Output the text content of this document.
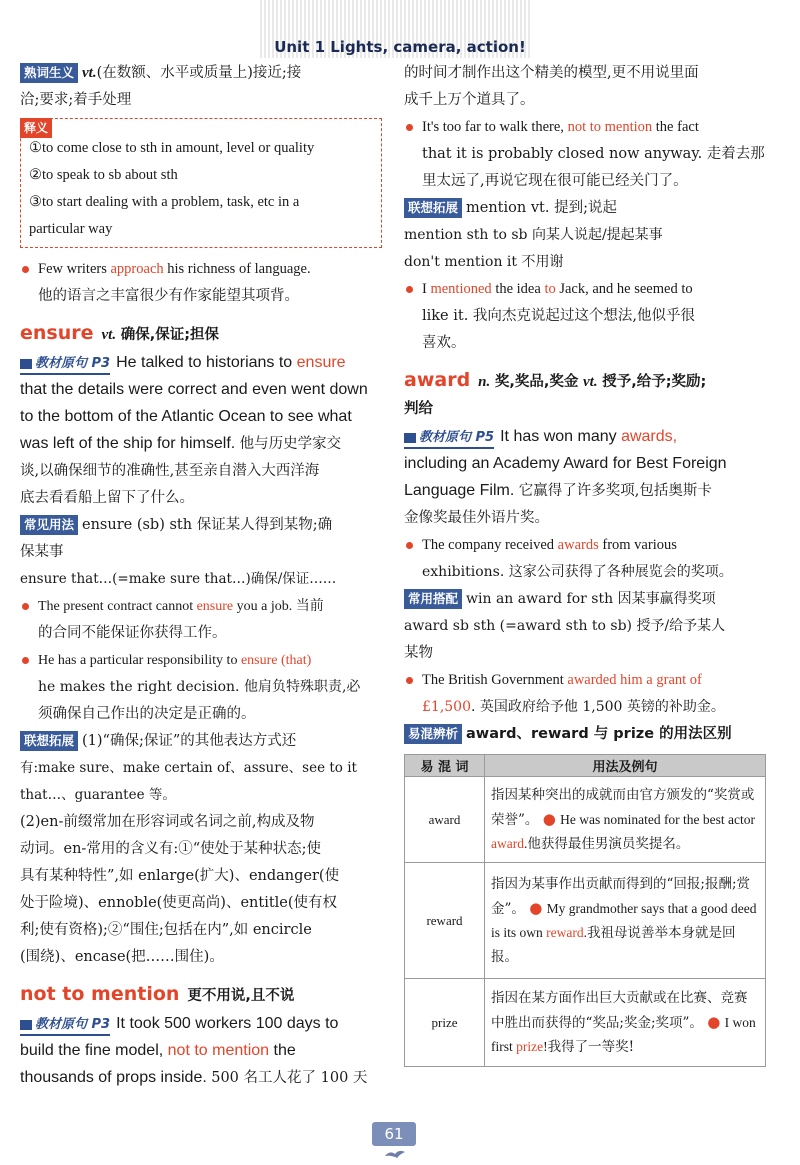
Unit 1 Lights, camera, action!

熟词生义 vt.(在数额、水平或质量上)接近;接

洽;要求;着手处理

释义

①to come close to sth in amount, level or quality

②to speak to sb about sth

③to start dealing with a problem, task, etc in a

particular way

Few writers approach his richness of language.

他的语言之丰富很少有作家能望其项背。

ensure vt. 确保,保证;担保

教材原句 P3 He talked to historians to ensure

that the details were correct and even went down

to the bottom of the Atlantic Ocean to see what

was left of the ship for himself. 他与历史学家交

谈,以确保细节的准确性,甚至亲自潜入大西洋海

底去看看船上留下了什么。

常见用法 ensure (sb) sth 保证某人得到某物;确

保某事

ensure that…(=make sure that…)确保/保证……

The present contract cannot ensure you a job. 当前

的合同不能保证你获得工作。

He has a particular responsibility to ensure (that)

he makes the right decision. 他肩负特殊职责,必

须确保自己作出的决定是正确的。

联想拓展 (1)“确保;保证”的其他表达方式还

有:make sure、make certain of、assure、see to it

that…、guarantee 等。

(2)en-前缀常加在形容词或名词之前,构成及物

动词。en-常用的含义有:①“使处于某种状态;使

具有某种特性”,如 enlarge(扩大)、endanger(使

处于险境)、ennoble(使更高尚)、entitle(使有权

利;使有资格);②“围住;包括在内”,如 encircle

(围绕)、encase(把……围住)。

not to mention 更不用说,且不说

教材原句 P3 It took 500 workers 100 days to

build the fine model, not to mention the

thousands of props inside. 500 名工人花了 100 天

的时间才制作出这个精美的模型,更不用说里面

成千上万个道具了。

It's too far to walk there, not to mention the fact

that it is probably closed now anyway. 走着去那

里太远了,再说它现在很可能已经关门了。

联想拓展 mention vt. 提到;说起

mention sth to sb 向某人说起/提起某事

don't mention it 不用谢

I mentioned the idea to Jack, and he seemed to

like it. 我向杰克说起过这个想法,他似乎很

喜欢。

award n. 奖,奖品,奖金 vt. 授予,给予;奖励;

判给

教材原句 P5 It has won many awards,

including an Academy Award for Best Foreign

Language Film. 它赢得了许多奖项,包括奥斯卡

金像奖最佳外语片奖。

The company received awards from various

exhibitions. 这家公司获得了各种展览会的奖项。

常用搭配 win an award for sth 因某事赢得奖项

award sb sth (=award sth to sb) 授予/给予某人

某物

The British Government awarded him a grant of

£1,500. 英国政府给予他 1,500 英镑的补助金。

易混辨析 award、reward 与 prize 的用法区别

易 混 词	用法及例句
award	指因某种突出的成就而由官方颁发的“奖赏或荣誉”。 ● He was nominated for the best actor award.他获得最佳男演员奖提名。
reward	指因为某事作出贡献而得到的“回报;报酬;赏金”。 ● My grandmother says that a good deed is its own reward.我祖母说善举本身就是回报。
prize	指因在某方面作出巨大贡献或在比赛、竞赛中胜出而获得的“奖品;奖金;奖项”。 ● I won first prize!我得了一等奖!
61
